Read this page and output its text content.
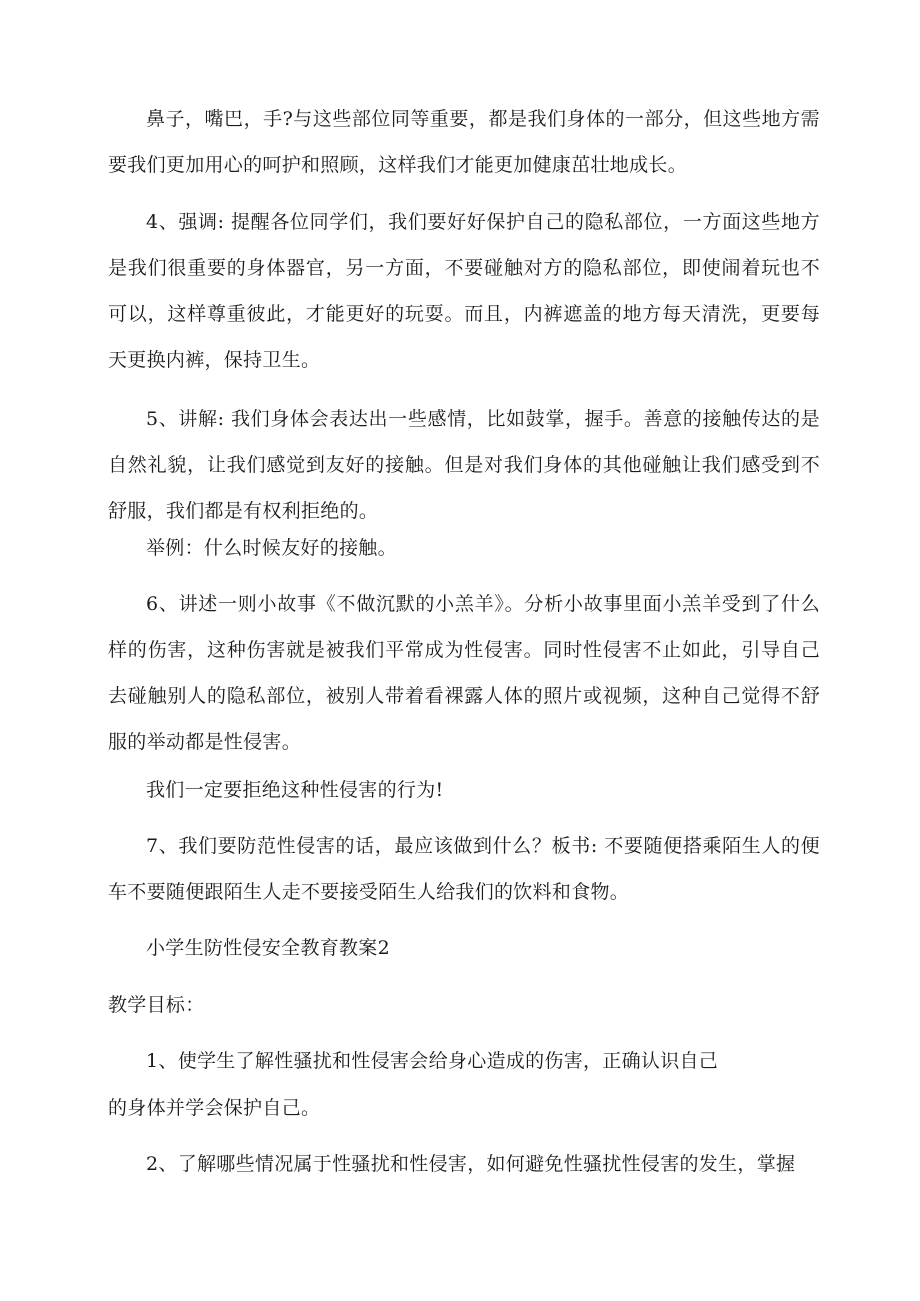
鼻子，嘴巴，手?与这些部位同等重要，都是我们身体的一部分，但这些地方需要我们更加用心的呵护和照顾，这样我们才能更加健康茁壮地成长。

4、强调: 提醒各位同学们，我们要好好保护自己的隐私部位，一方面这些地方是我们很重要的身体器官，另一方面，不要碰触对方的隐私部位，即使闹着玩也不可以，这样尊重彼此，才能更好的玩耍。而且，内裤遮盖的地方每天清洗，更要每天更换内裤，保持卫生。

5、讲解: 我们身体会表达出一些感情，比如鼓掌，握手。善意的接触传达的是自然礼貌，让我们感觉到友好的接触。但是对我们身体的其他碰触让我们感受到不舒服，我们都是有权利拒绝的。

举例：什么时候友好的接触。

6、讲述一则小故事《不做沉默的小羔羊》。分析小故事里面小羔羊受到了什么样的伤害，这种伤害就是被我们平常成为性侵害。同时性侵害不止如此，引导自己去碰触别人的隐私部位，被别人带着看裸露人体的照片或视频，这种自己觉得不舒服的举动都是性侵害。

我们一定要拒绝这种性侵害的行为!

7、我们要防范性侵害的话，最应该做到什么？板书: 不要随便搭乘陌生人的便车不要随便跟陌生人走不要接受陌生人给我们的饮料和食物。

小学生防性侵安全教育教案2

教学目标：

1、使学生了解性骚扰和性侵害会给身心造成的伤害，正确认识自己

的身体并学会保护自己。

2、了解哪些情况属于性骚扰和性侵害，如何避免性骚扰性侵害的发生，掌握
